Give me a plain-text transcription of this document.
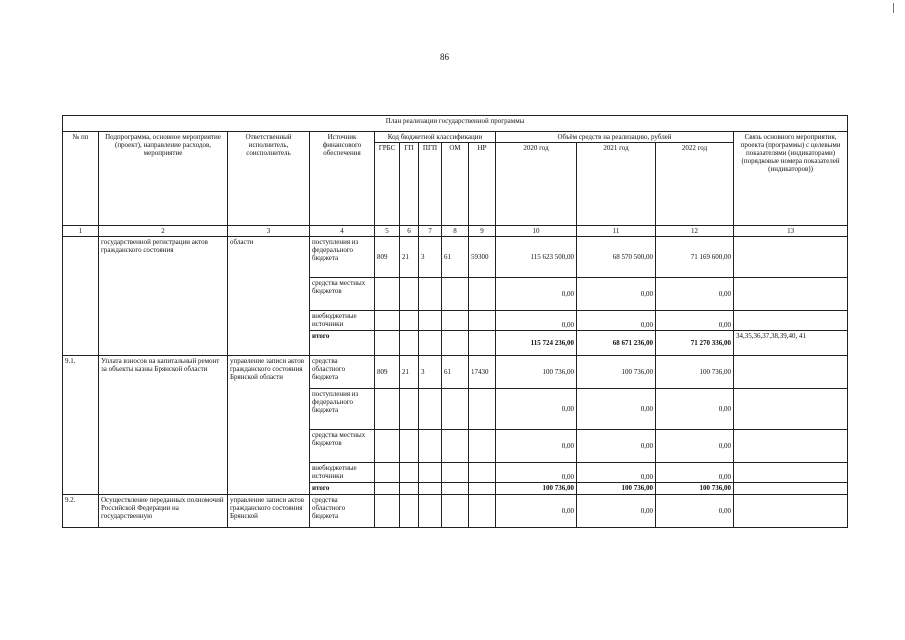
86
План реализации государственной программы												
№ пп	Подпрограмма, основное мероприятие (проект), направление расходов, мероприятие	Ответственный исполнитель, соисполнитель	Источник финансового обеспечения	Код бюджетной классификации					Объём средств на реализацию, рублей			Связь основного мероприятия, проекта (программы) с целевыми показателями (индикаторами) (порядковые номера показателей (индикаторов))
				ГРБС	ГП	ПГП	ОМ	НР	2020 год	2021 год	2022 год	
1	2	3	4	5	6	7	8	9	10	11	12	13
	государственной регистрации актов гражданского состояния	области	поступления из федерального бюджета	809	21	3	61	59300	115 623 500,00	68 570 500,00	71 169 600,00	
			средства местных бюджетов						0,00	0,00	0,00	
			внебюджетные источники						0,00	0,00	0,00	
			итого						115 724 236,00	68 671 236,00	71 270 336,00	34,35,36,37,38,39,40, 41
9.1.	Уплата взносов на капитальный ремонт за объекты казны Брянской области	управление записи актов гражданского состояния Брянской области	средства областного бюджета	809	21	3	61	17430	100 736,00	100 736,00	100 736,00	
			поступления из федерального бюджета						0,00	0,00	0,00	
			средства местных бюджетов						0,00	0,00	0,00	
			внебюджетные источники						0,00	0,00	0,00	
			итого						100 736,00	100 736,00	100 736,00	
9.2.	Осуществление переданных полномочий Российской Федерации на государственную	управление записи актов гражданского состояния Брянской	средства областного бюджета						0,00	0,00	0,00	
